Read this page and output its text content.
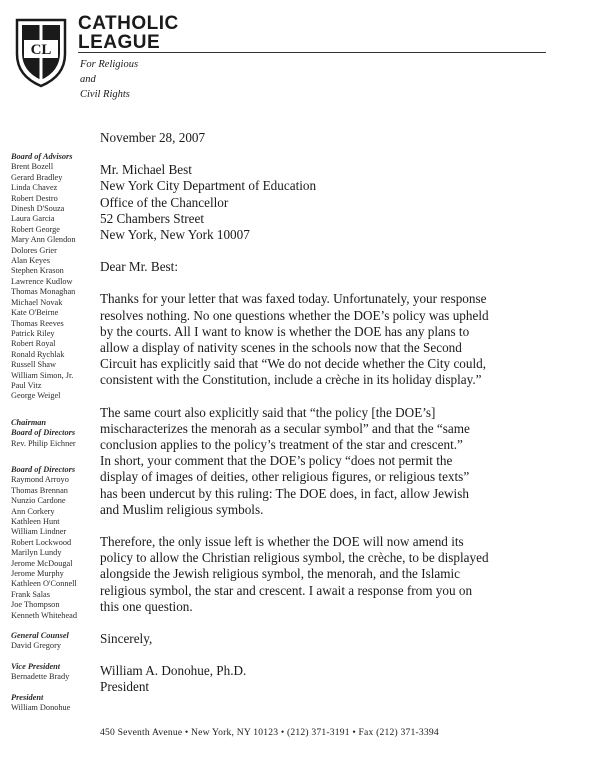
CL
CATHOLIC
LEAGUE
For Religious
and
Civil Rights
Board of Advisors
Brent Bozell
Gerard Bradley
Linda Chavez
Robert Destro
Dinesh D'Souza
Laura Garcia
Robert George
Mary Ann Glendon
Dolores Grier
Alan Keyes
Stephen Krason
Lawrence Kudlow
Thomas Monaghan
Michael Novak
Kate O'Beirne
Thomas Reeves
Patrick Riley
Robert Royal
Ronald Rychlak
Russell Shaw
William Simon, Jr.
Paul Vitz
George Weigel
Chairman
Board of Directors
Rev. Philip Eichner
Board of Directors
Raymond Arroyo
Thomas Brennan
Nunzio Cardone
Ann Corkery
Kathleen Hunt
William Lindner
Robert Lockwood
Marilyn Lundy
Jerome McDougal
Jerome Murphy
Kathleen O'Connell
Frank Salas
Joe Thompson
Kenneth Whitehead
General Counsel
David Gregory
Vice President
Bernadette Brady
President
William Donohue
November 28, 2007
Mr. Michael Best
New York City Department of Education
Office of the Chancellor
52 Chambers Street
New York, New York 10007
Dear Mr. Best:
Thanks for your letter that was faxed today. Unfortunately, your response
resolves nothing. No one questions whether the DOE’s policy was upheld
by the courts. All I want to know is whether the DOE has any plans to
allow a display of nativity scenes in the schools now that the Second
Circuit has explicitly said that “We do not decide whether the City could,
consistent with the Constitution, include a crèche in its holiday display.”
The same court also explicitly said that “the policy [the DOE’s]
mischaracterizes the menorah as a secular symbol” and that the “same
conclusion applies to the policy’s treatment of the star and crescent.”
In short, your comment that the DOE’s policy “does not permit the
display of images of deities, other religious figures, or religious texts”
has been undercut by this ruling: The DOE does, in fact, allow Jewish
and Muslim religious symbols.
Therefore, the only issue left is whether the DOE will now amend its
policy to allow the Christian religious symbol, the crèche, to be displayed
alongside the Jewish religious symbol, the menorah, and the Islamic
religious symbol, the star and crescent. I await a response from you on
this one question.
Sincerely,
William A. Donohue, Ph.D.
President
450 Seventh Avenue • New York, NY 10123 • (212) 371-3191 • Fax (212) 371-3394
